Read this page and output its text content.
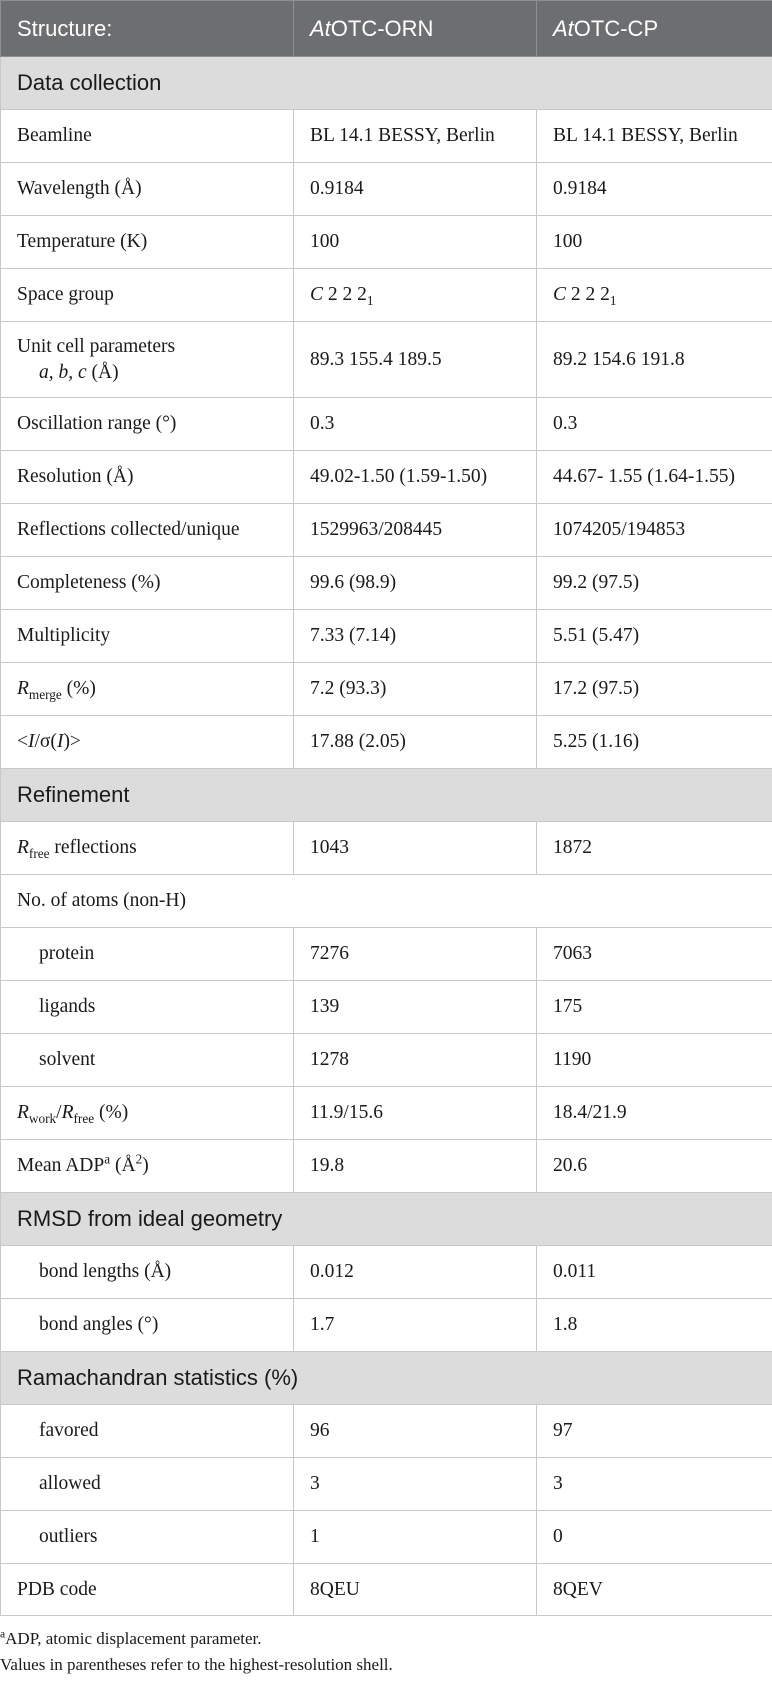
Structure:	AtOTC-ORN	AtOTC-CP
Data collection		
Beamline	BL 14.1 BESSY, Berlin	BL 14.1 BESSY, Berlin
Wavelength (Å)	0.9184	0.9184
Temperature (K)	100	100
Space group	C 2 2 $2_1$	C 2 2 $2_1$
Unit cell parameters
a, b, c (Å)	89.3 155.4 189.5	89.2 154.6 191.8
Oscillation range (°)	0.3	0.3
Resolution (Å)	49.02-1.50 (1.59-1.50)	44.67- 1.55 (1.64-1.55)
Reflections collected/unique	1529963/208445	1074205/194853
Completeness (%)	99.6 (98.9)	99.2 (97.5)
Multiplicity	7.33 (7.14)	5.51 (5.47)
$R_{merge}$ (%)	7.2 (93.3)	17.2 (97.5)
<I/σ(I)>	17.88 (2.05)	5.25 (1.16)
Refinement		
$R_{free}$ reflections	1043	1872
No. of atoms (non-H)		
protein	7276	7063
ligands	139	175
solvent	1278	1190
$R_{work}/R_{free}$ (%)	11.9/15.6	18.4/21.9
Mean ADP$^a$ $(Å^2)$	19.8	20.6
RMSD from ideal geometry		
bond lengths (Å)	0.012	0.011
bond angles (°)	1.7	1.8
Ramachandran statistics (%)		
favored	96	97
allowed	3	3
outliers	1	0
PDB code	8QEU	8QEV

$^a$ADP, atomic displacement parameter.

Values in parentheses refer to the highest-resolution shell.
